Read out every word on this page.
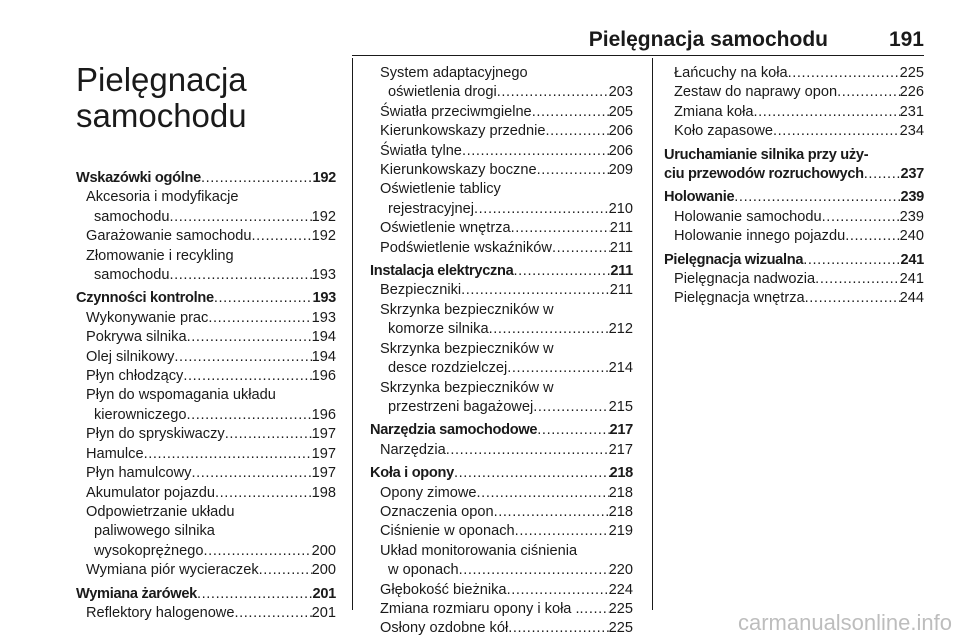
Pielęgnacja samochodu	191
Pielęgnacja
samochodu
Wskazówki ogólne .....	192
Akcesoria i modyfikacje
samochodu .....	192
Garażowanie samochodu .....	192
Złomowanie i recykling
samochodu .....	193
Czynności kontrolne .....	193
Wykonywanie prac .....	193
Pokrywa silnika .....	194
Olej silnikowy .....	194
Płyn chłodzący .....	196
Płyn do wspomagania układu
kierowniczego .....	196
Płyn do spryskiwaczy .....	197
Hamulce .....	197
Płyn hamulcowy .....	197
Akumulator pojazdu .....	198
Odpowietrzanie układu
paliwowego silnika
wysokoprężnego .....	200
Wymiana piór wycieraczek .....	200
Wymiana żarówek .....	201
Reflektory halogenowe .....	201
System adaptacyjnego
oświetlenia drogi .....	203
Światła przeciwmgielne .....	205
Kierunkowskazy przednie .....	206
Światła tylne .....	206
Kierunkowskazy boczne .....	209
Oświetlenie tablicy
rejestracyjnej .....	210
Oświetlenie wnętrza .....	211
Podświetlenie wskaźników .....	211
Instalacja elektryczna .....	211
Bezpieczniki .....	211
Skrzynka bezpieczników w
komorze silnika .....	212
Skrzynka bezpieczników w
desce rozdzielczej .....	214
Skrzynka bezpieczników w
przestrzeni bagażowej .....	215
Narzędzia samochodowe .....	217
Narzędzia .....	217
Koła i opony .....	218
Opony zimowe .....	218
Oznaczenia opon .....	218
Ciśnienie w oponach .....	219
Układ monitorowania ciśnienia
w oponach .....	220
Głębokość bieżnika .....	224
Zmiana rozmiaru opony i koła . ..... 225
Osłony ozdobne kół .....	225
Łańcuchy na koła .....	225
Zestaw do naprawy opon .....	226
Zmiana koła .....	231
Koło zapasowe .....	234
Uruchamianie silnika przy uży-
ciu przewodów rozruchowych .....	237
Holowanie .....	239
Holowanie samochodu .....	239
Holowanie innego pojazdu .....	240
Pielęgnacja wizualna .....	241
Pielęgnacja nadwozia .....	241
Pielęgnacja wnętrza .....	244
carmanualsonline.info
